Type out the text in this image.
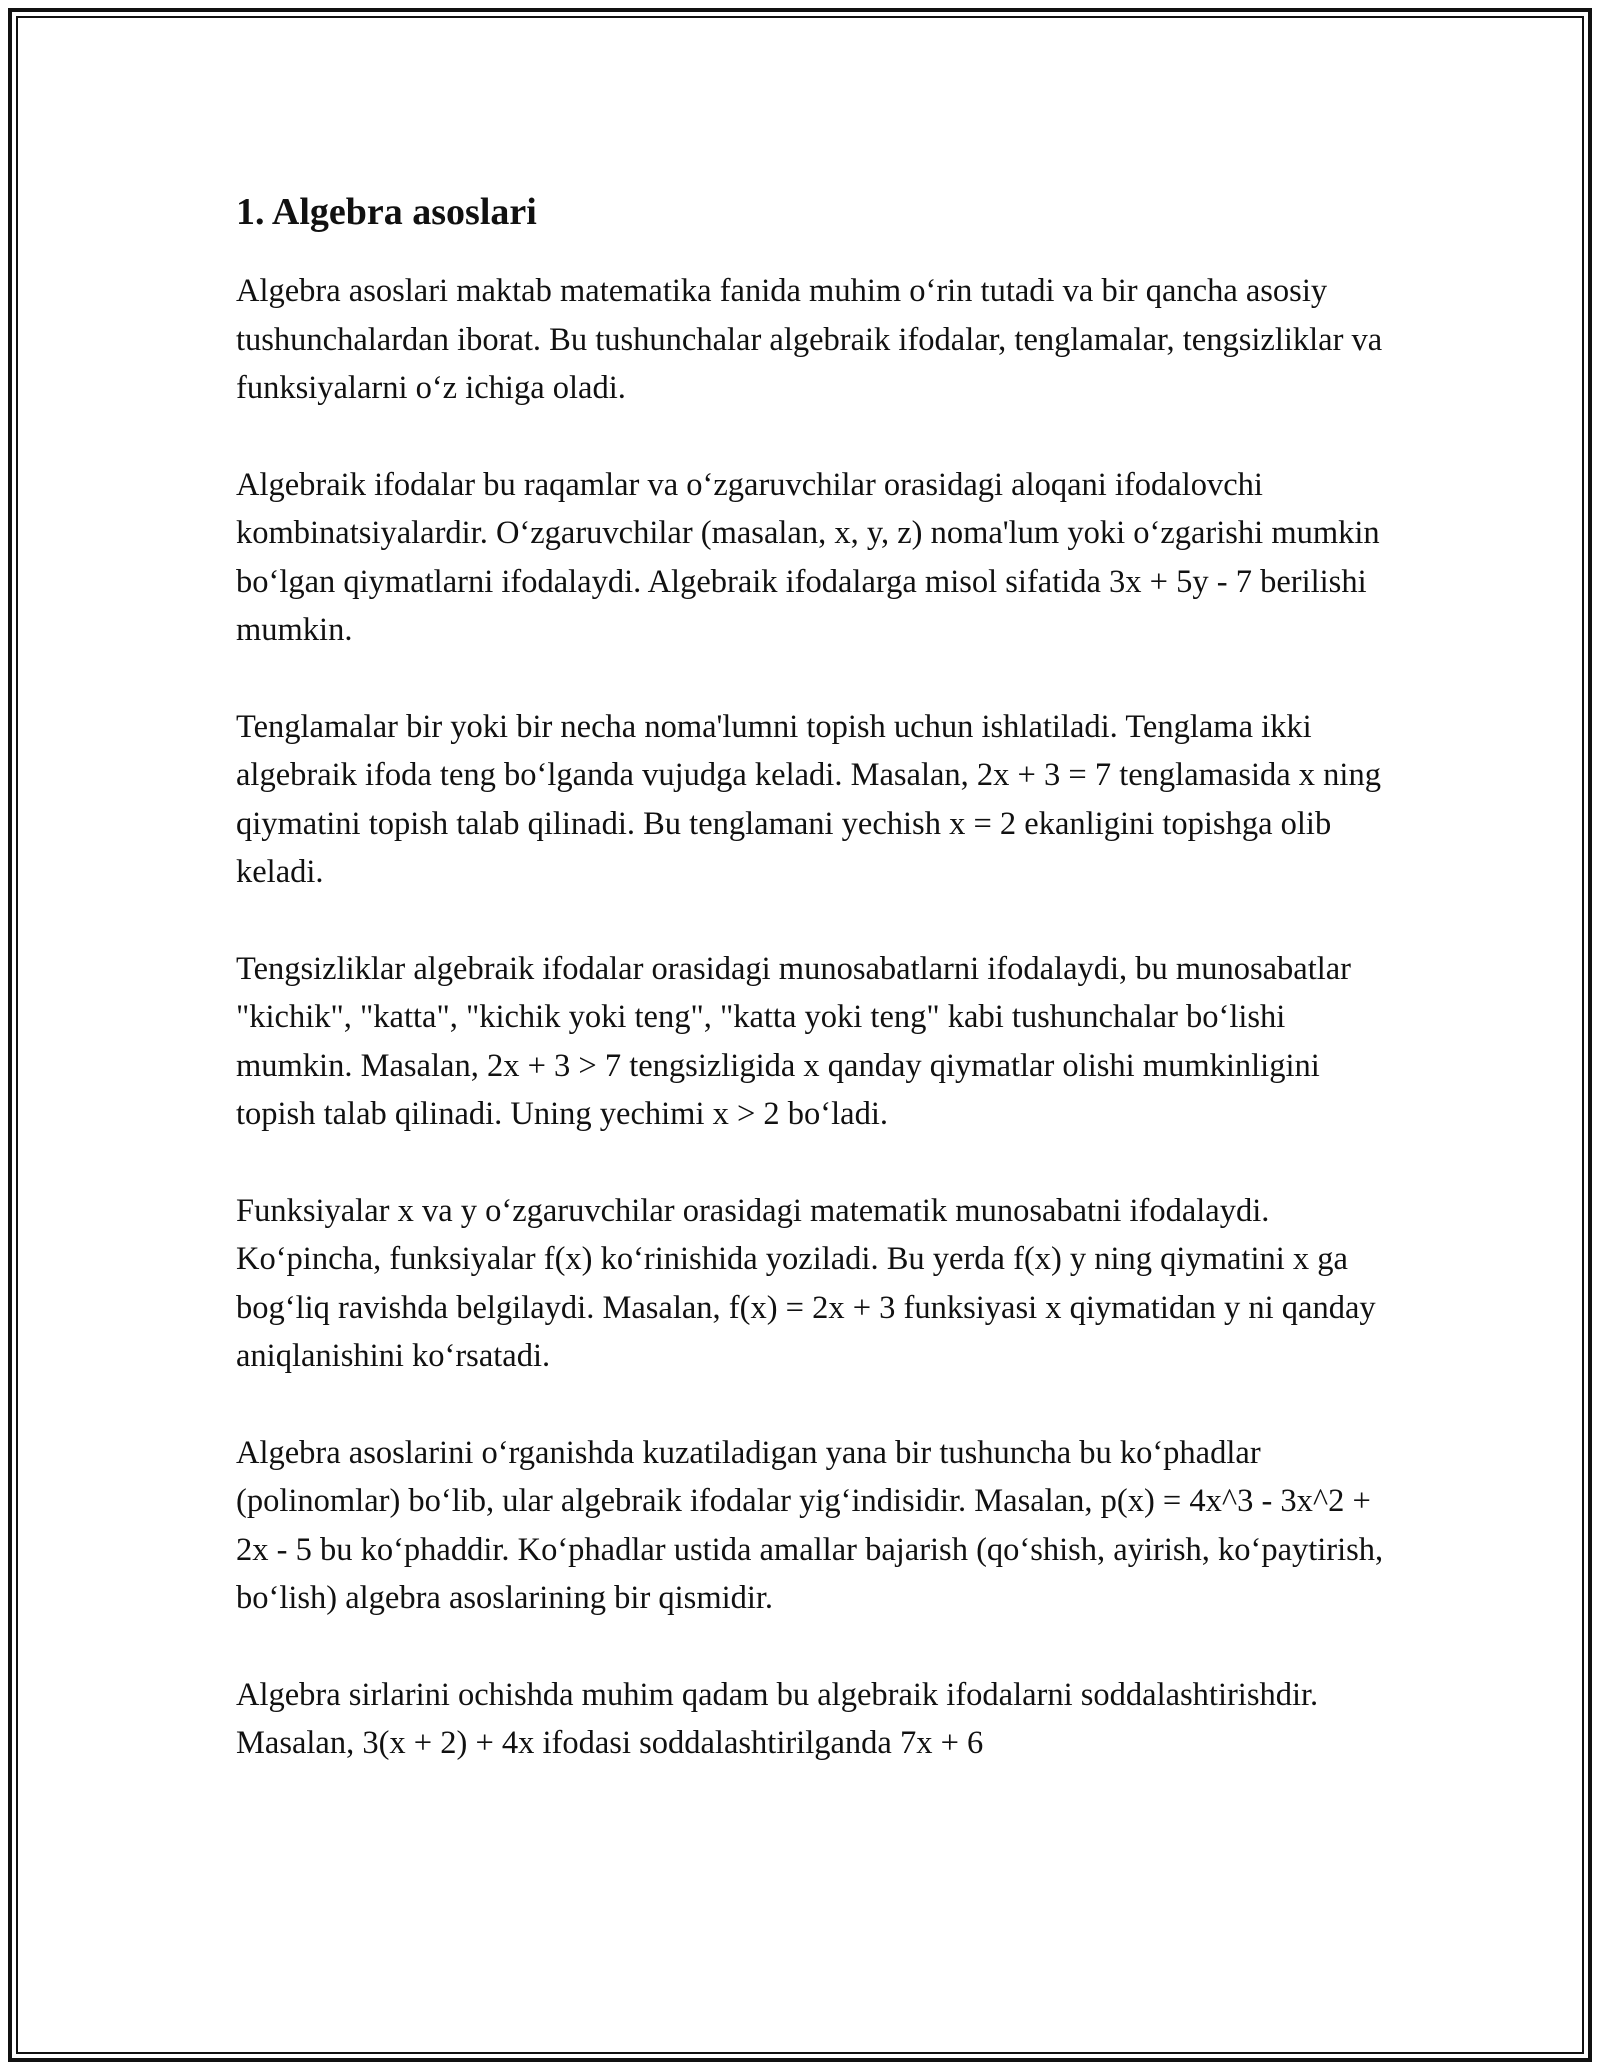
1. Algebra asoslari

Algebra asoslari maktab matematika fanida muhim o‘rin tutadi va bir qancha asosiy tushunchalardan iborat. Bu tushunchalar algebraik ifodalar, tenglamalar, tengsizliklar va funksiyalarni o‘z ichiga oladi.

Algebraik ifodalar bu raqamlar va o‘zgaruvchilar orasidagi aloqani ifodalovchi kombinatsiyalardir. O‘zgaruvchilar (masalan, x, y, z) noma'lum yoki o‘zgarishi mumkin bo‘lgan qiymatlarni ifodalaydi. Algebraik ifodalarga misol sifatida 3x + 5y - 7 berilishi mumkin.

Tenglamalar bir yoki bir necha noma'lumni topish uchun ishlatiladi. Tenglama ikki algebraik ifoda teng bo‘lganda vujudga keladi. Masalan, 2x + 3 = 7 tenglamasida x ning qiymatini topish talab qilinadi. Bu tenglamani yechish x = 2 ekanligini topishga olib keladi.

Tengsizliklar algebraik ifodalar orasidagi munosabatlarni ifodalaydi, bu munosabatlar "kichik", "katta", "kichik yoki teng", "katta yoki teng" kabi tushunchalar bo‘lishi mumkin. Masalan, 2x + 3 > 7 tengsizligida x qanday qiymatlar olishi mumkinligini topish talab qilinadi. Uning yechimi x > 2 bo‘ladi.

Funksiyalar x va y o‘zgaruvchilar orasidagi matematik munosabatni ifodalaydi. Ko‘pincha, funksiyalar f(x) ko‘rinishida yoziladi. Bu yerda f(x) y ning qiymatini x ga bog‘liq ravishda belgilaydi. Masalan, f(x) = 2x + 3 funksiyasi x qiymatidan y ni qanday aniqlanishini ko‘rsatadi.

Algebra asoslarini o‘rganishda kuzatiladigan yana bir tushuncha bu ko‘phadlar (polinomlar) bo‘lib, ular algebraik ifodalar yig‘indisidir. Masalan, p(x) = 4x^3 - 3x^2 + 2x - 5 bu ko‘phaddir. Ko‘phadlar ustida amallar bajarish (qo‘shish, ayirish, ko‘paytirish, bo‘lish) algebra asoslarining bir qismidir.

Algebra sirlarini ochishda muhim qadam bu algebraik ifodalarni soddalashtirishdir. Masalan, 3(x + 2) + 4x ifodasi soddalashtirilganda 7x + 6
